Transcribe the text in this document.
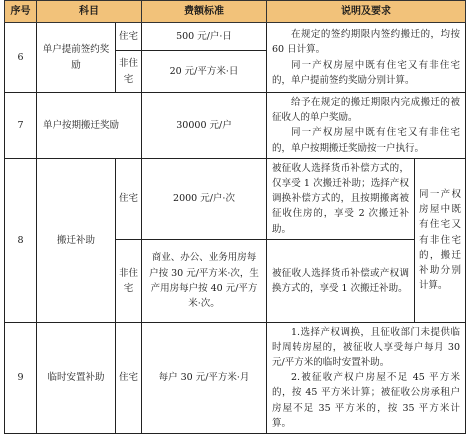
序号	科目		费额标准	说明及要求	
6	单户提前签约奖励	住宅	500 元/户·日	在规定的签约期限内签约搬迁的，均按 60 日计算。

同一产权房屋中既有住宅又有非住宅的，单户提前签约奖励分别计算。	

		非住宅	20 元/平方米·日		
7	单户按期搬迁奖励		30000 元/户	给予在规定的搬迁期限内完成搬迁的被征收人的单户奖励。

同一产权房屋中既有住宅又有非住宅的，单户按期搬迁奖励按一户执行。	

8	搬迁补助	住宅	2000 元/户·次	被征收人选择货币补偿方式的，仅享受 1 次搬迁补助；选择产权调换补偿方式的，且按期搬离被征收住房的，享受 2 次搬迁补助。	同一产权房屋中既有住宅又有非住宅的，搬迁补助分别计算。
		非住宅	商业、办公、业务用房每户按 30 元/平方米·次，生产用房每户按 40 元/平方米·次。	被征收人选择货币补偿或产权调换方式的，享受 1 次搬迁补助。	

9	临时安置补助	住宅	每户 30 元/平方米·月	1.选择产权调换，且征收部门未提供临时周转房屋的，被征收人享受每户每月 30 元/平方米的临时安置补助。

2.被征收产权户房屋不足 45 平方米的，按 45 平方米计算；被征收公房承租户房屋不足 35 平方米的，按 35 平方米计算。	
